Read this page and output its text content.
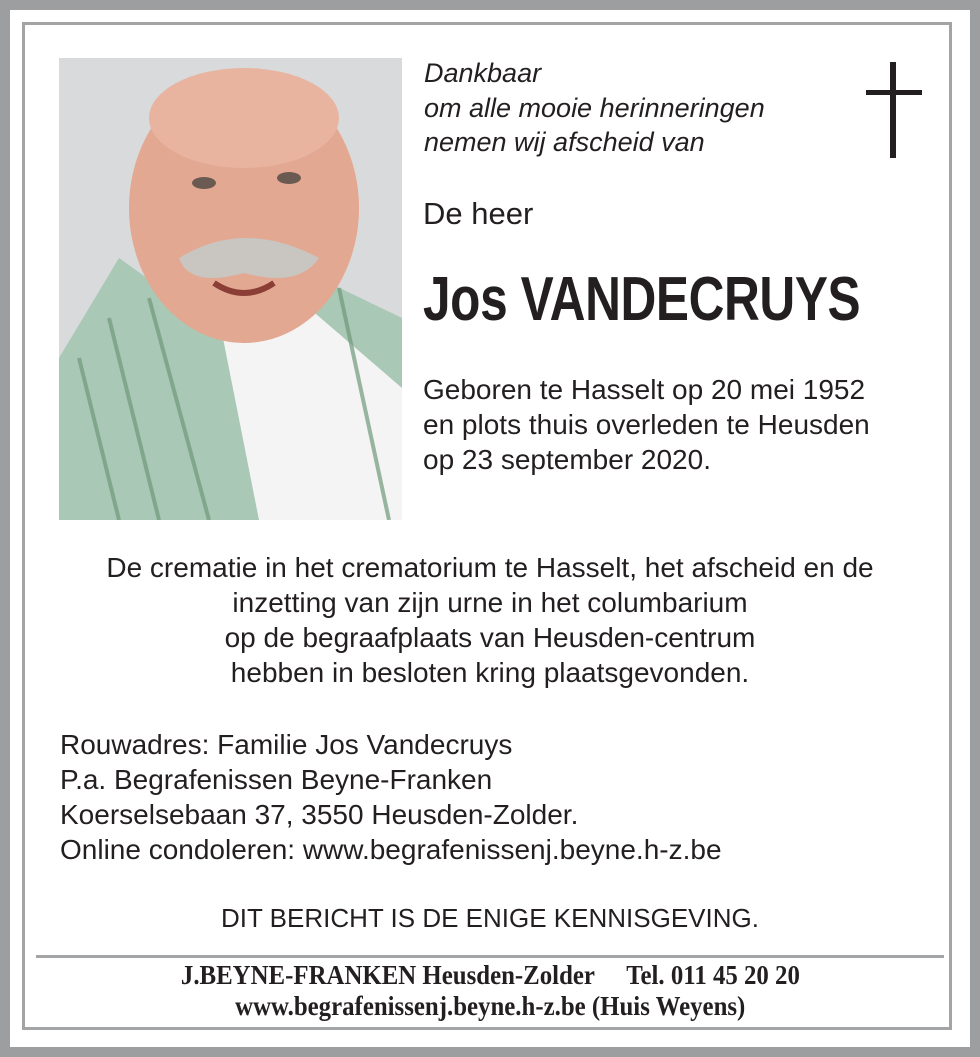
Dankbaar
om alle mooie herinneringen
nemen wij afscheid van
De heer
Jos VANDECRUYS
Geboren te Hasselt op 20 mei 1952
en plots thuis overleden te Heusden
op 23 september 2020.
De crematie in het crematorium te Hasselt, het afscheid en de
inzetting van zijn urne in het columbarium
op de begraafplaats van Heusden-centrum
hebben in besloten kring plaatsgevonden.
Rouwadres: Familie Jos Vandecruys
P.a. Begrafenissen Beyne-Franken
Koerselsebaan 37, 3550 Heusden-Zolder.
Online condoleren: www.begrafenissenj.beyne.h-z.be
DIT BERICHT IS DE ENIGE KENNISGEVING.
J.BEYNE-FRANKEN Heusden-Zolder Tel. 011 45 20 20
www.begrafenissenj.beyne.h-z.be (Huis Weyens)
